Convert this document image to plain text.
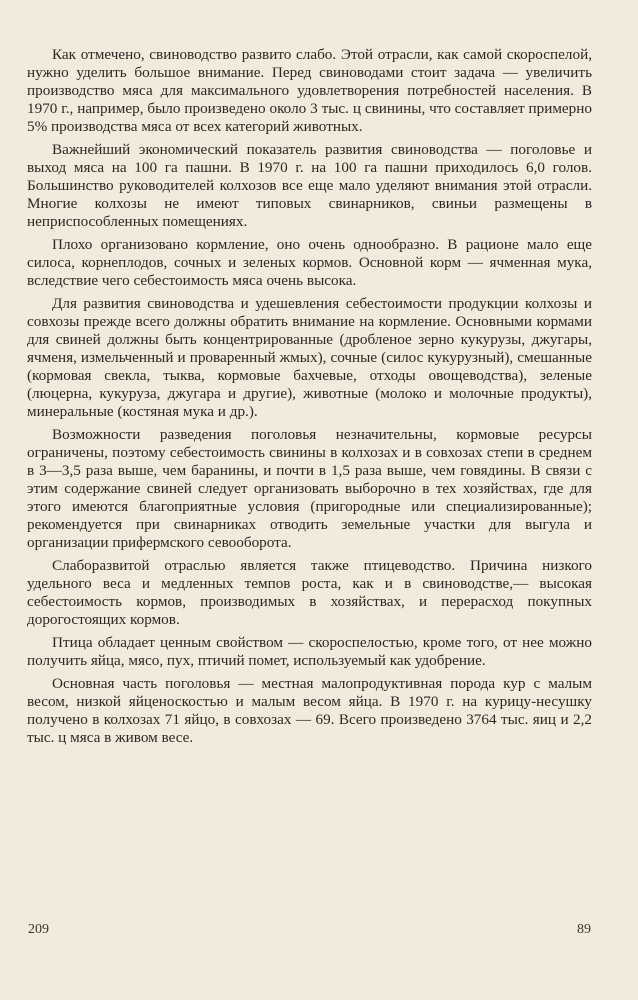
Как отмечено, свиноводство развито слабо. Этой отрасли, как самой скороспелой, нужно уделить большое внимание. Перед свиноводами стоит задача — увеличить производство мяса для максимального удовлетворения потребностей населения. В 1970 г., например, было произведено около 3 тыс. ц свинины, что составляет примерно 5% производства мяса от всех категорий животных.

Важнейший экономический показатель развития свиноводства — поголовье и выход мяса на 100 га пашни. В 1970 г. на 100 га пашни приходилось 6,0 голов. Большинство руководителей колхозов все еще мало уделяют внимания этой отрасли. Многие колхозы не имеют типовых свинарников, свиньи размещены в неприспособленных помещениях.

Плохо организовано кормление, оно очень однообразно. В рационе мало еще силоса, корнеплодов, сочных и зеленых кормов. Основной корм — ячменная мука, вследствие чего себестоимость мяса очень высока.

Для развития свиноводства и удешевления себестоимости продукции колхозы и совхозы прежде всего должны обратить внимание на кормление. Основными кормами для свиней должны быть концентрированные (дробленое зерно кукурузы, джугары, ячменя, измельченный и проваренный жмых), сочные (силос кукурузный), смешанные (кормовая свекла, тыква, кормовые бахчевые, отходы овощеводства), зеленые (люцерна, кукуруза, джугара и другие), животные (молоко и молочные продукты), минеральные (костяная мука и др.).

Возможности разведения поголовья незначительны, кормовые ресурсы ограничены, поэтому себестоимость свинины в колхозах и в совхозах степи в среднем в 3—3,5 раза выше, чем баранины, и почти в 1,5 раза выше, чем говядины. В связи с этим содержание свиней следует организовать выборочно в тех хозяйствах, где для этого имеются благоприятные условия (пригородные или специализированные); рекомендуется при свинарниках отводить земельные участки для выгула и организации прифермского севооборота.

Слаборазвитой отраслью является также птицеводство. Причина низкого удельного веса и медленных темпов роста, как и в свиноводстве,— высокая себестоимость кормов, производимых в хозяйствах, и перерасход покупных дорогостоящих кормов.

Птица обладает ценным свойством — скороспелостью, кроме того, от нее можно получить яйца, мясо, пух, птичий помет, используемый как удобрение.

Основная часть поголовья — местная малопродуктивная порода кур с малым весом, низкой яйценоскостью и малым весом яйца. В 1970 г. на курицу-несушку получено в колхозах 71 яйцо, в совхозах — 69. Всего произведено 3764 тыс. яиц и 2,2 тыс. ц мяса в живом весе.

209	89
